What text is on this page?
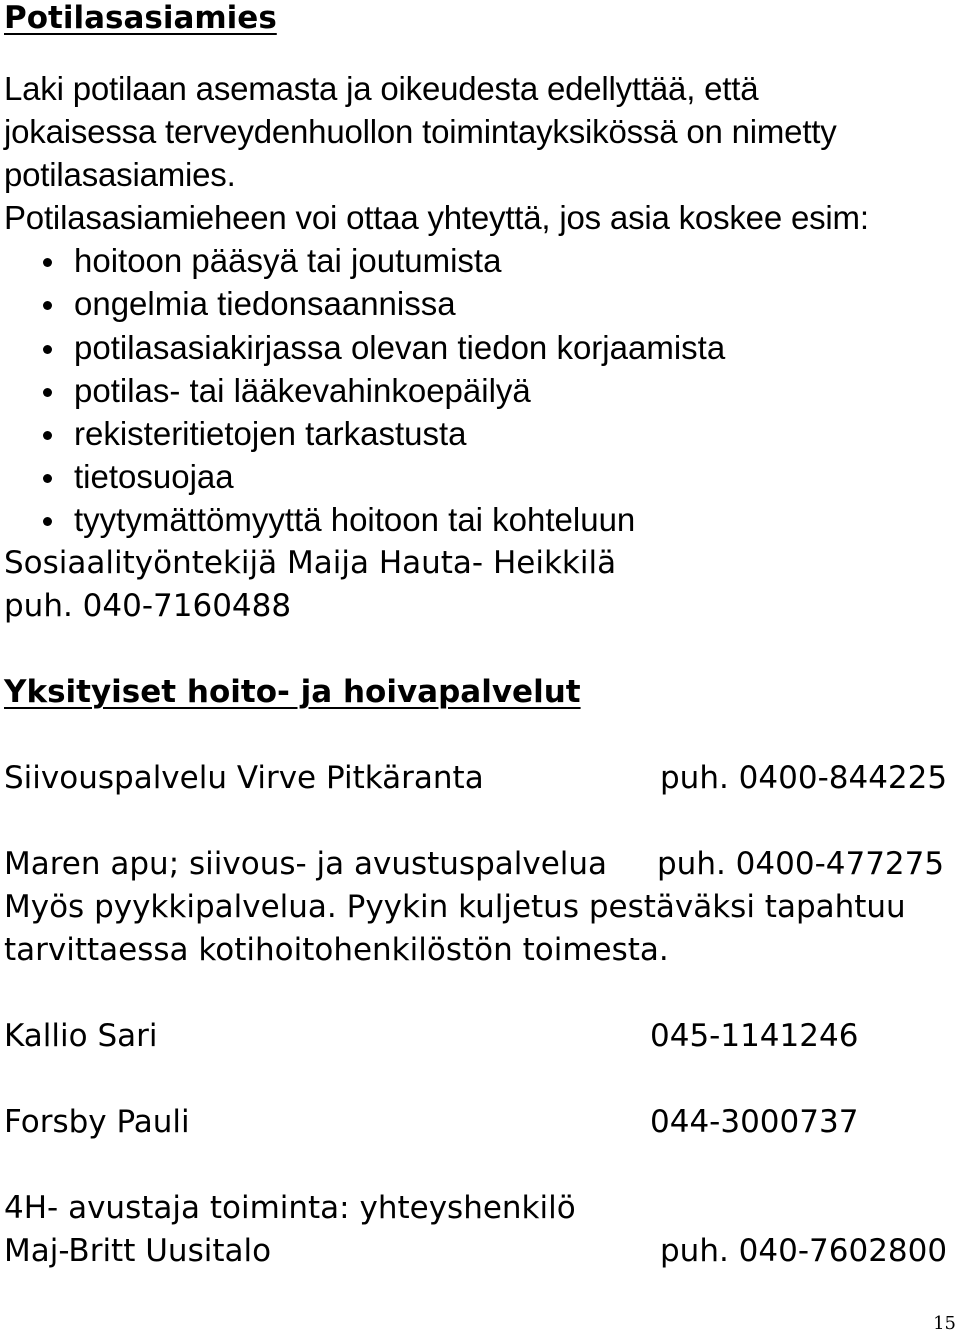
Potilasasiamies

Laki potilaan asemasta ja oikeudesta edellyttää, että

jokaisessa terveydenhuollon toimintayksikössä on nimetty

potilasasiamies.

Potilasasiamieheen voi ottaa yhteyttä, jos asia koskee esim:

hoitoon pääsyä tai joutumista
ongelmia tiedonsaannissa
potilasasiakirjassa olevan tiedon korjaamista
potilas- tai lääkevahinkoepäilyä
rekisteritietojen tarkastusta
tietosuojaa
tyytymättömyyttä hoitoon tai kohteluun

Sosiaalityöntekijä Maija Hauta- Heikkilä

puh. 040-7160488

Yksityiset hoito- ja hoivapalvelut

Siivouspalvelu Virve Pitkäranta	puh. 0400-844225

Maren apu; siivous- ja avustuspalvelua puh. 0400-477275

Myös pyykkipalvelua. Pyykin kuljetus pestäväksi tapahtuu

tarvittaessa kotihoitohenkilöstön toimesta.

Kallio Sari	045-1141246

Forsby Pauli	044-3000737

4H- avustaja toiminta: yhteyshenkilö

Maj-Britt Uusitalo	puh. 040-7602800
15
